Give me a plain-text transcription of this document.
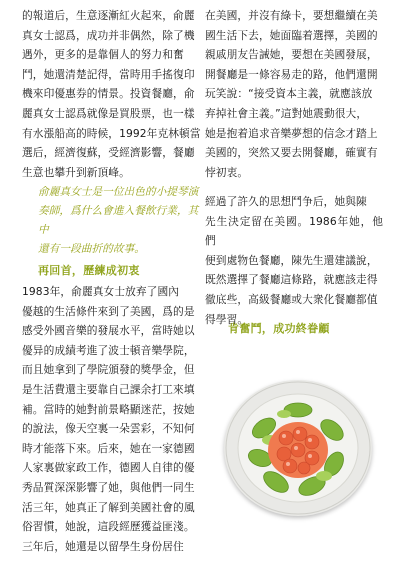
的報道后，生意逐漸紅火起來，俞麗
真女士認爲，成功并非偶然，除了機
遇外，更多的是靠個人的努力和奮
鬥，她還清楚記得，當時用手搖復印
機來印優惠券的情景。投資餐廳，俞
麗真女士認爲就像是買股票，也一樣
有水漲船高的時候，1992年克林頓當
選后，經濟復蘇，受經濟影響，餐廳
生意也攀升到新頂峰。

俞麗真女士是一位出色的小提琴演
奏師，爲什么會進入餐飲行業，其中
還有一段曲折的故事。

再回首，歷練成初衷

1983年，俞麗真女士放弃了國內
優越的生活條件來到了美國，爲的是
感受外國音樂的發展水平，當時她以
優异的成績考進了波士頓音樂學院，
而且她拿到了學院頒發的獎學金，但
是生活費還主要靠自己課余打工來填
補。當時的她對前景略顯迷茫，按她
的說法，像天空裏一朵雲彩，不知何
時才能落下來。后來，她在一家德國
人家裏做家政工作，德國人自律的優
秀品質深深影響了她，與他們一同生
活三年，她真正了解到美國社會的風
俗習慣，她說，這段經歷獲益匪淺。
三年后，她還是以留學生身份居住

在美國，并沒有綠卡，要想繼續在美
國生活下去，她面臨着選擇，美國的
親戚朋友告誡她，要想在美國發展，
開餐廳是一條容易走的路，他們還開
玩笑說：“接受資本主義，就應該放
弃掉社會主義。”這對她震動很大，
她是抱着追求音樂夢想的信念才踏上
美國的，突然又要去開餐廳，確實有
悖初衷。

經過了許久的思想鬥争后，她與陳
先生決定留在美國。1986年她，他們
便到處物色餐廳，陳先生還建議說，
既然選擇了餐廳這條路，就應該走得
徹底些，高級餐廳或大衆化餐廳都值
得學習。

肯奮鬥，成功終眷顧
